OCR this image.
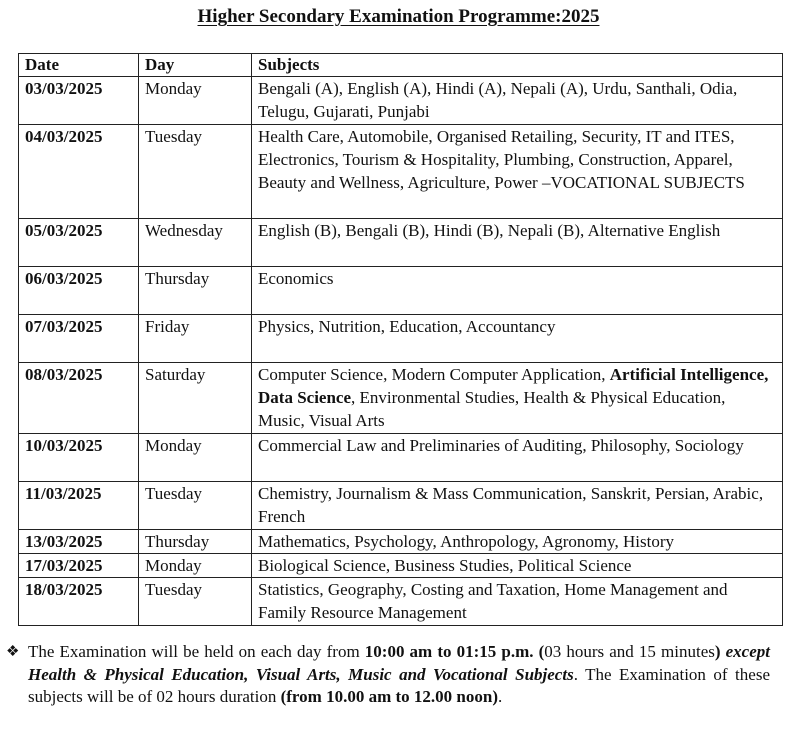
Higher Secondary Examination Programme:2025
Date	Day	Subjects
03/03/2025	Monday	Bengali (A), English (A), Hindi (A), Nepali (A), Urdu, Santhali, Odia, Telugu, Gujarati, Punjabi
04/03/2025	Tuesday	Health Care, Automobile, Organised Retailing, Security, IT and ITES, Electronics, Tourism & Hospitality, Plumbing, Construction, Apparel, Beauty and Wellness, Agriculture, Power –VOCATIONAL SUBJECTS
05/03/2025	Wednesday	English (B), Bengali (B), Hindi (B), Nepali (B), Alternative English
06/03/2025	Thursday	Economics
07/03/2025	Friday	Physics, Nutrition, Education, Accountancy
08/03/2025	Saturday	Computer Science, Modern Computer Application, Artificial Intelligence, Data Science, Environmental Studies, Health & Physical Education, Music, Visual Arts
10/03/2025	Monday	Commercial Law and Preliminaries of Auditing, Philosophy, Sociology
11/03/2025	Tuesday	Chemistry, Journalism & Mass Communication, Sanskrit, Persian, Arabic, French
13/03/2025	Thursday	Mathematics, Psychology, Anthropology, Agronomy, History
17/03/2025	Monday	Biological Science, Business Studies, Political Science
18/03/2025	Tuesday	Statistics, Geography, Costing and Taxation, Home Management and Family Resource Management
❖ The Examination will be held on each day from 10:00 am to 01:15 p.m. (03 hours and 15 minutes) except Health & Physical Education, Visual Arts, Music and Vocational Subjects. The Examination of these subjects will be of 02 hours duration (from 10.00 am to 12.00 noon).
